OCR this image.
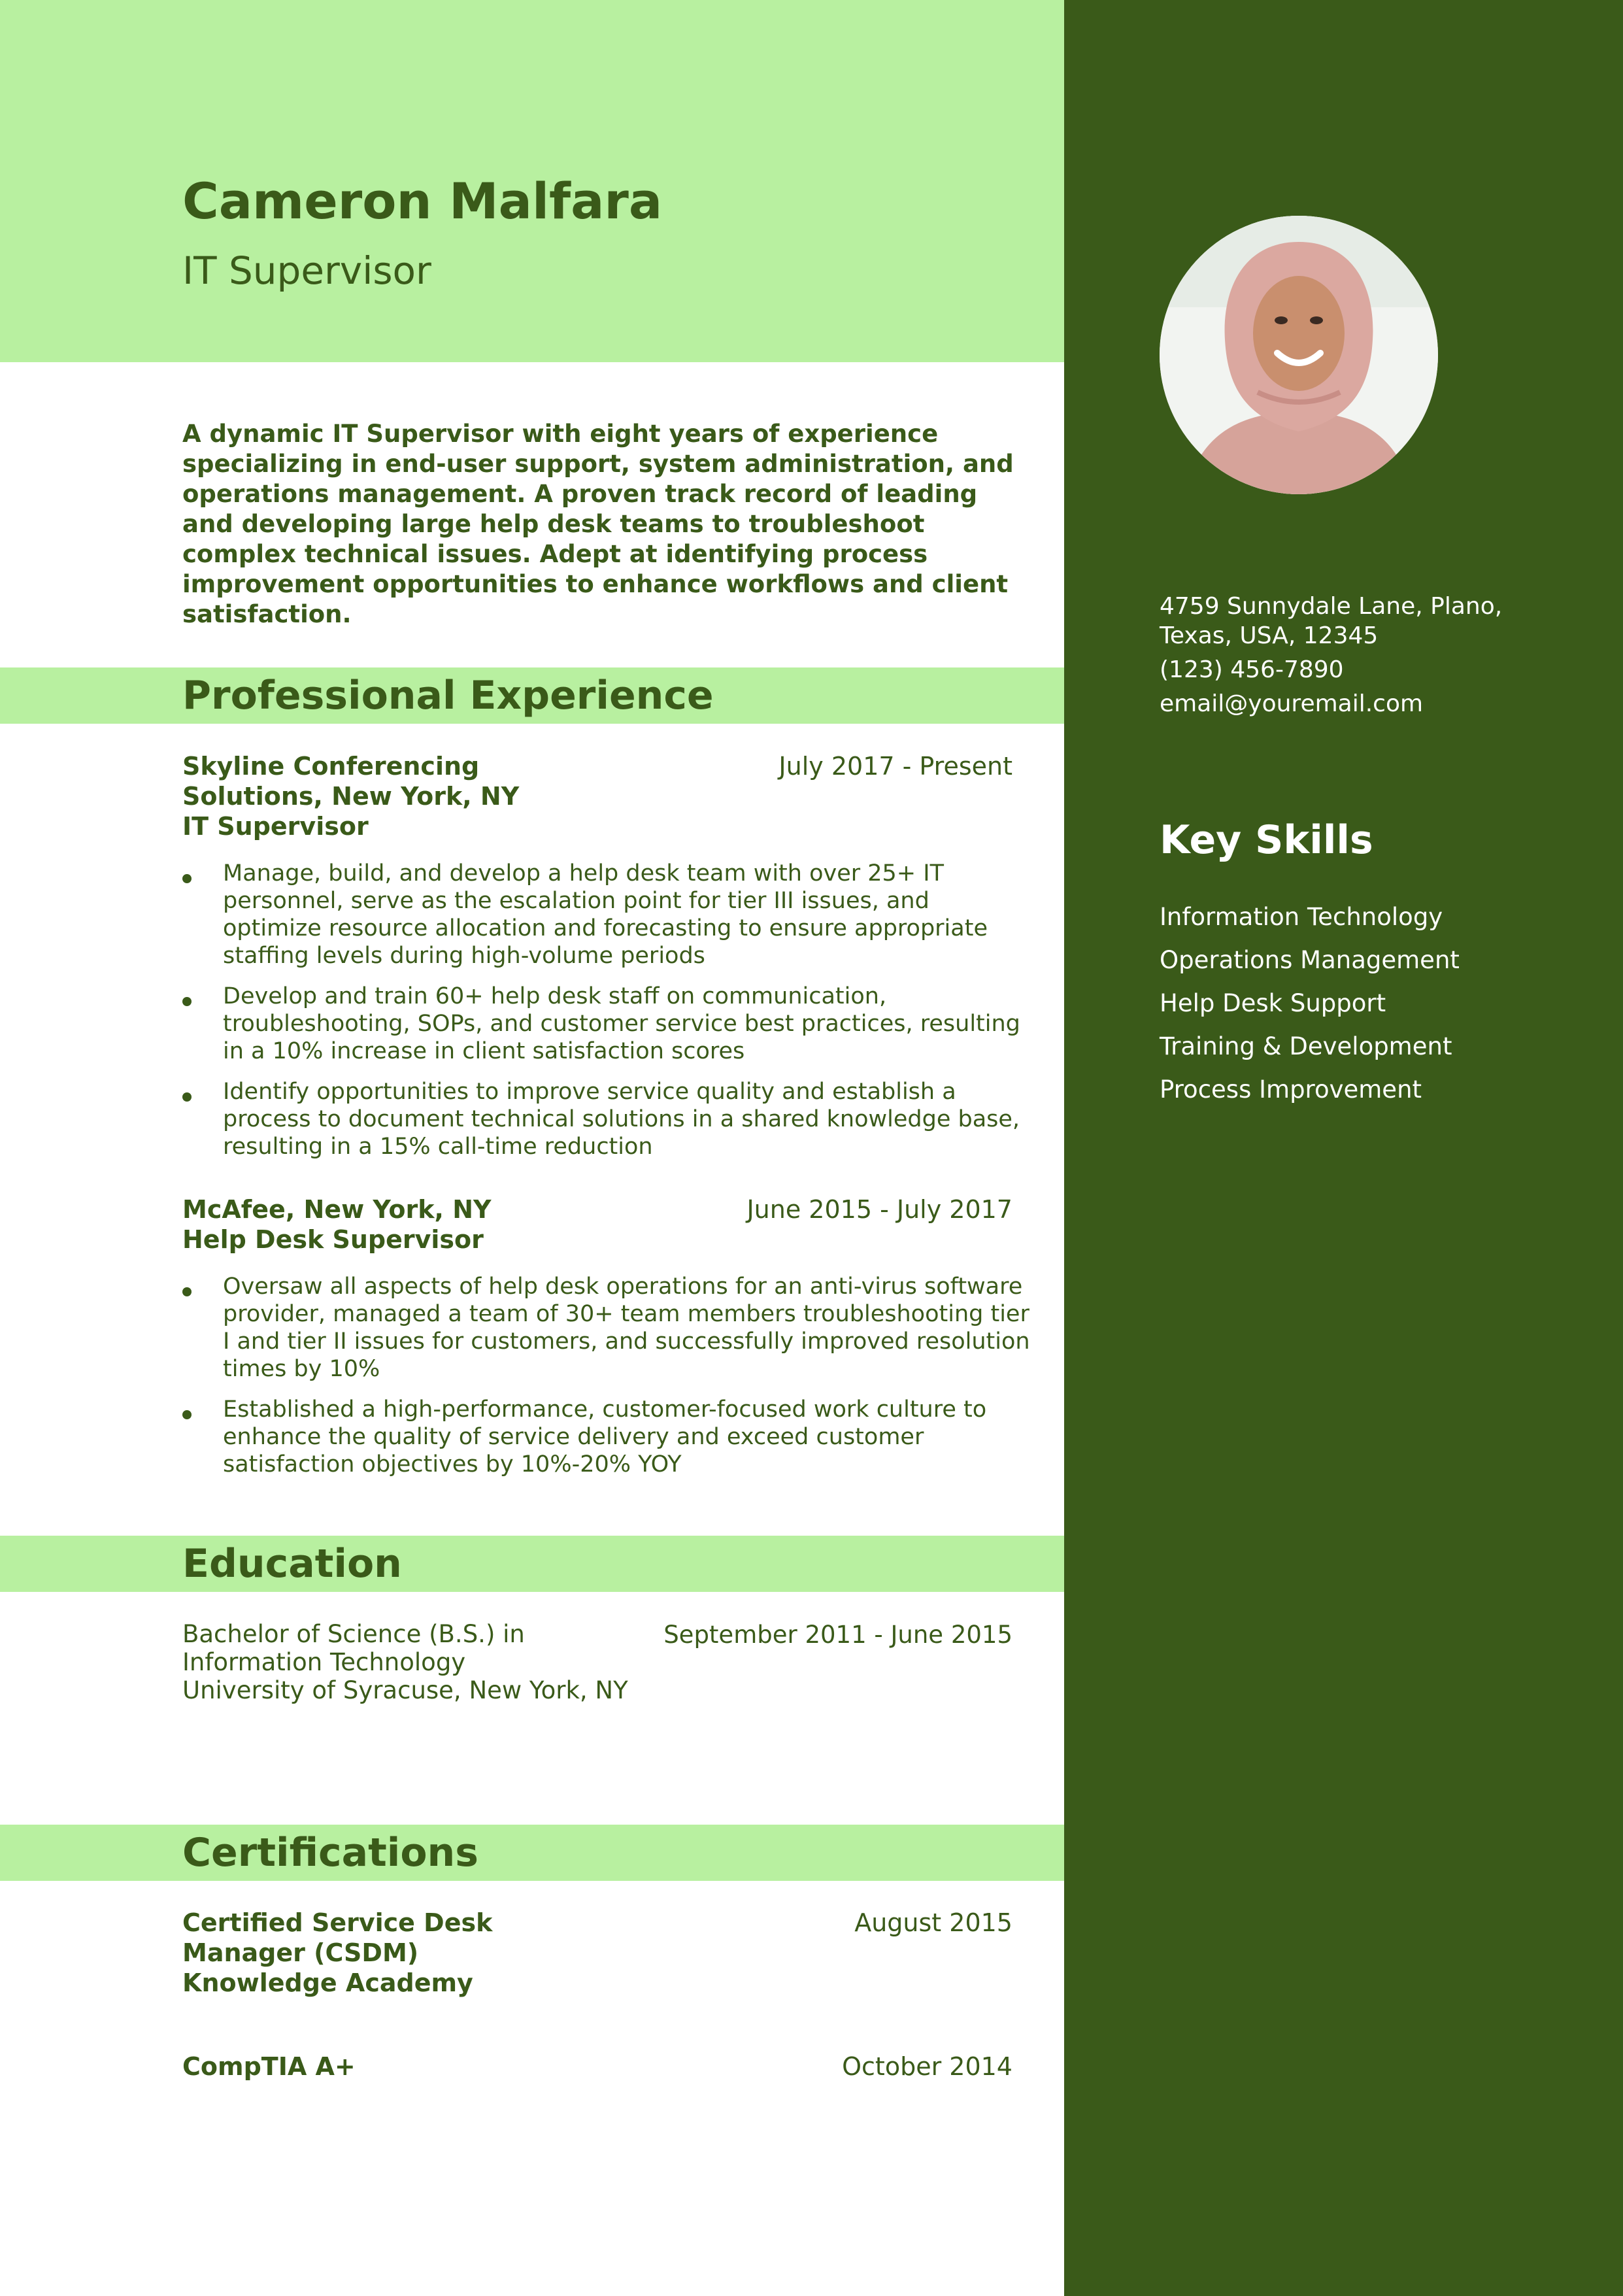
Cameron Malfara
IT Supervisor
A dynamic IT Supervisor with eight years of experience specializing in end-user support, system administration, and operations management. A proven track record of leading and developing large help desk teams to troubleshoot complex technical issues. Adept at identifying process improvement opportunities to enhance workflows and client satisfaction.
Professional Experience
Skyline Conferencing Solutions, New York, NY
IT Supervisor
July 2017 - Present
Manage, build, and develop a help desk team with over 25+ IT personnel, serve as the escalation point for tier III issues, and optimize resource allocation and forecasting to ensure appropriate staffing levels during high-volume periods
Develop and train 60+ help desk staff on communication, troubleshooting, SOPs, and customer service best practices, resulting in a 10% increase in client satisfaction scores
Identify opportunities to improve service quality and establish a process to document technical solutions in a shared knowledge base, resulting in a 15% call-time reduction
McAfee, New York, NY
Help Desk Supervisor
June 2015 - July 2017
Oversaw all aspects of help desk operations for an anti-virus software provider, managed a team of 30+ team members troubleshooting tier I and tier II issues for customers, and successfully improved resolution times by 10%
Established a high-performance, customer-focused work culture to enhance the quality of service delivery and exceed customer satisfaction objectives by 10%-20% YOY
Education
Bachelor of Science (B.S.) in Information Technology
University of Syracuse, New York, NY
September 2011 - June 2015
Certifications
Certified Service Desk Manager (CSDM)
Knowledge Academy
August 2015
CompTIA A+	October 2014
4759 Sunnydale Lane, Plano, Texas, USA, 12345
(123) 456-7890
email@youremail.com
Key Skills
Information Technology
Operations Management
Help Desk Support
Training & Development
Process Improvement
